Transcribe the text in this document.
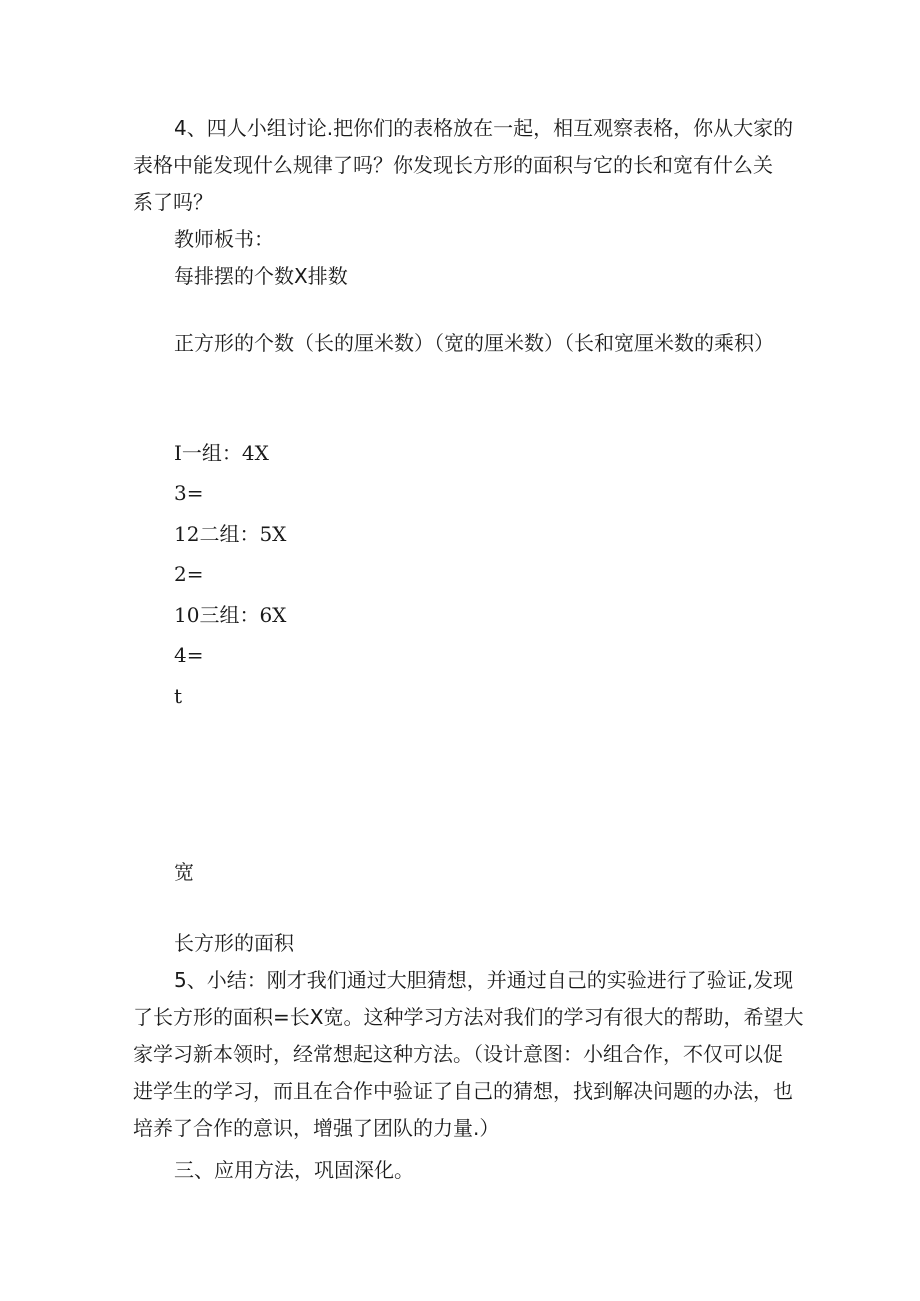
4、四人小组讨论.把你们的表格放在一起，相互观察表格，你从大家的
表格中能发现什么规律了吗？你发现长方形的面积与它的长和宽有什么关
系了吗？
教师板书：
每排摆的个数X排数
正方形的个数（长的厘米数）（宽的厘米数）（长和宽厘米数的乘积）
I一组：4X
3=
12二组：5X
2=
10三组：6X
4=
t
宽
长方形的面积
5、小结：刚才我们通过大胆猜想，并通过自己的实验进行了验证,发现
了长方形的面积=长X宽。这种学习方法对我们的学习有很大的帮助，希望大
家学习新本领时，经常想起这种方法。（设计意图：小组合作，不仅可以促
进学生的学习，而且在合作中验证了自己的猜想，找到解决问题的办法，也
培养了合作的意识，增强了团队的力量.）
三、应用方法，巩固深化。
